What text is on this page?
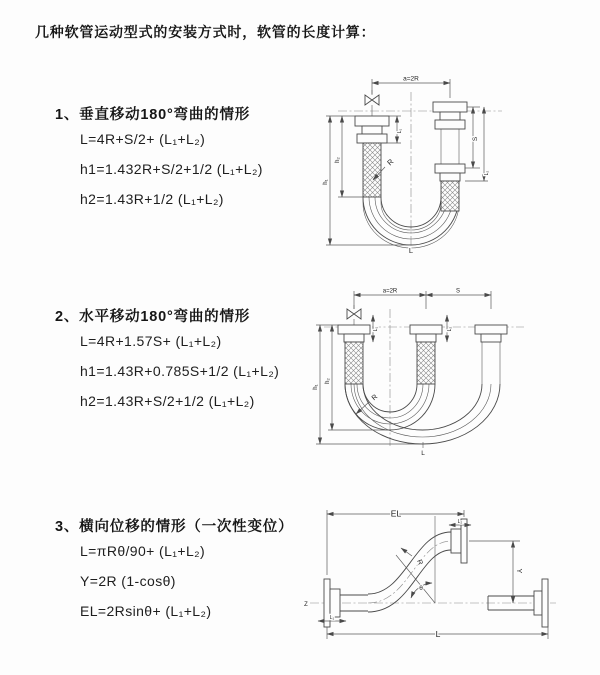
几种软管运动型式的安装方式时，软管的长度计算：
1、垂直移动180°弯曲的情形
L=4R+S/2+ (L₁+L₂)
h1=1.432R+S/2+1/2 (L₁+L₂)
h2=1.43R+1/2 (L₁+L₂)
a=2R
h₁
h₂
L₁
S
L₂
R
L
2、水平移动180°弯曲的情形
L=4R+1.57S+ (L₁+L₂)
h1=1.43R+0.785S+1/2 (L₁+L₂)
h2=1.43R+S/2+1/2 (L₁+L₂)
a=2R	S
h₁
h₂
L₁	L₂
R
L
3、横向位移的情形（一次性变位）
L=πRθ/90+ (L₁+L₂)
Y=2R (1-cosθ)
EL=2Rsinθ+ (L₁+L₂)	Z
EL
L₂
L₁
Y
L
θ
R
